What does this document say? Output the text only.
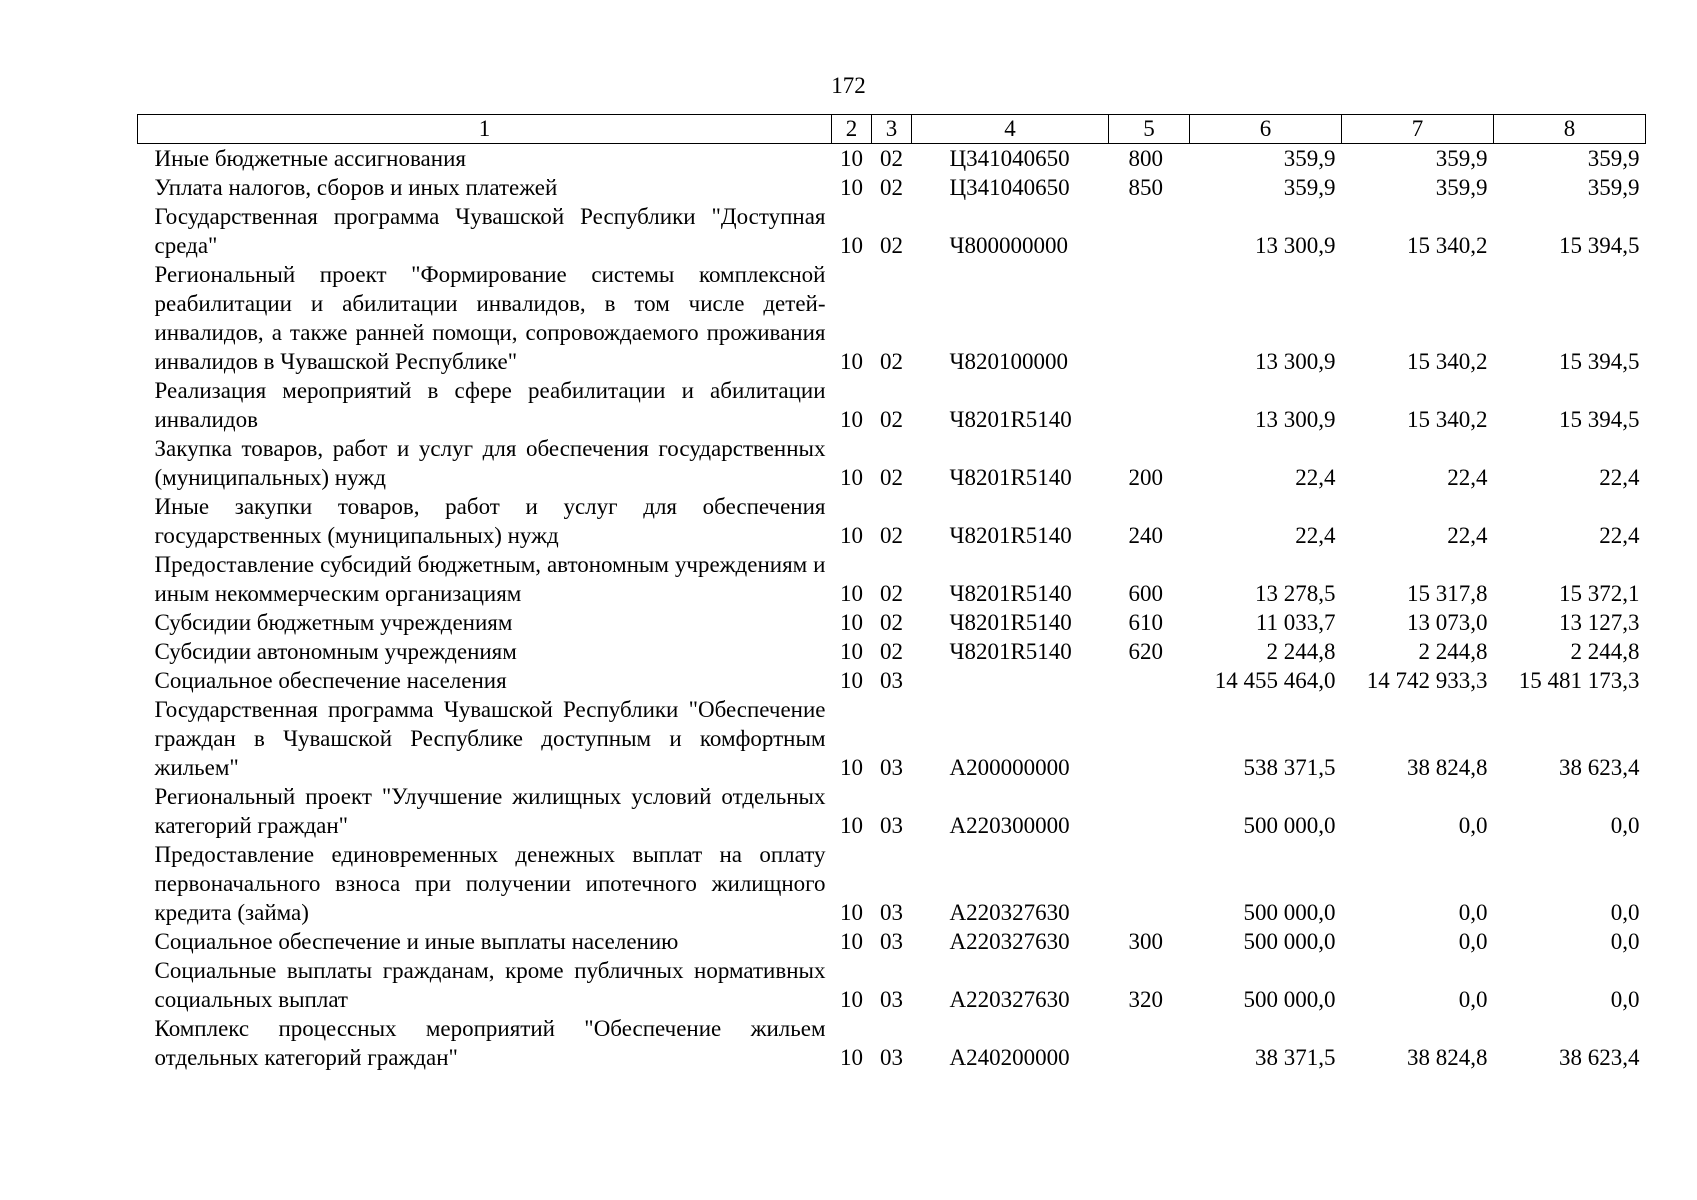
172
1	2	3	4	5	6	7	8
Иные бюджетные ассигнования	10	02	Ц341040650	800	359,9	359,9	359,9
Уплата налогов, сборов и иных платежей	10	02	Ц341040650	850	359,9	359,9	359,9
Государственная программа Чувашской Республики "Доступная среда"	10	02	Ч800000000		13 300,9	15 340,2	15 394,5
Региональный проект "Формирование системы комплексной реабилитации и абилитации инвалидов, в том числе детей-инвалидов, а также ранней помощи, сопровождаемого проживания инвалидов в Чувашской Республике"	10	02	Ч820100000		13 300,9	15 340,2	15 394,5
Реализация мероприятий в сфере реабилитации и абилитации инвалидов	10	02	Ч8201R5140		13 300,9	15 340,2	15 394,5
Закупка товаров, работ и услуг для обеспечения государственных (муниципальных) нужд	10	02	Ч8201R5140	200	22,4	22,4	22,4
Иные закупки товаров, работ и услуг для обеспечения государственных (муниципальных) нужд	10	02	Ч8201R5140	240	22,4	22,4	22,4
Предоставление субсидий бюджетным, автономным учреждениям и иным некоммерческим организациям	10	02	Ч8201R5140	600	13 278,5	15 317,8	15 372,1
Субсидии бюджетным учреждениям	10	02	Ч8201R5140	610	11 033,7	13 073,0	13 127,3
Субсидии автономным учреждениям	10	02	Ч8201R5140	620	2 244,8	2 244,8	2 244,8
Социальное обеспечение населения	10	03			14 455 464,0	14 742 933,3	15 481 173,3
Государственная программа Чувашской Республики "Обеспечение граждан в Чувашской Республике доступным и комфортным жильем"	10	03	А200000000		538 371,5	38 824,8	38 623,4
Региональный проект "Улучшение жилищных условий отдельных категорий граждан"	10	03	А220300000		500 000,0	0,0	0,0
Предоставление единовременных денежных выплат на оплату первоначального взноса при получении ипотечного жилищного кредита (займа)	10	03	А220327630		500 000,0	0,0	0,0
Социальное обеспечение и иные выплаты населению	10	03	А220327630	300	500 000,0	0,0	0,0
Социальные выплаты гражданам, кроме публичных нормативных социальных выплат	10	03	А220327630	320	500 000,0	0,0	0,0
Комплекс процессных мероприятий "Обеспечение жильем отдельных категорий граждан"	10	03	А240200000		38 371,5	38 824,8	38 623,4
